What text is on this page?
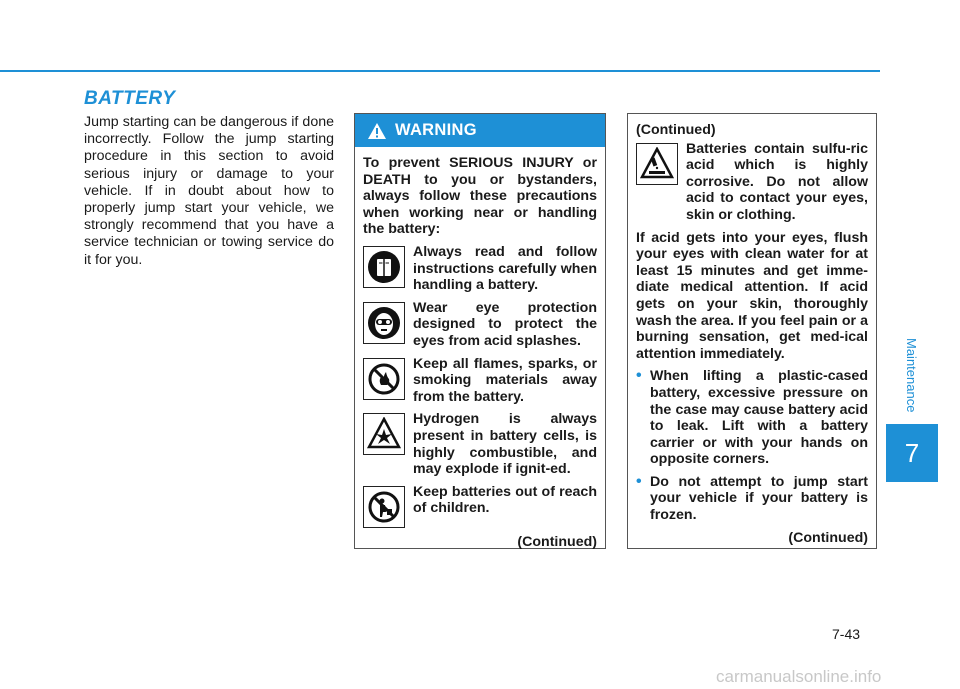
BATTERY

Jump starting can be dangerous if done incorrectly. Follow the jump starting procedure in this section to avoid serious injury or damage to your vehicle. If in doubt about how to properly jump start your vehicle, we strongly recommend that you have a service technician or towing service do it for you.

WARNING

To prevent SERIOUS INJURY or DEATH to you or bystanders, always follow these precautions when working near or handling the battery:

Always read and follow instructions carefully when handling a battery.
Wear eye protection designed to protect the eyes from acid splashes.
Keep all flames, sparks, or smoking materials away from the battery.
Hydrogen is always present in battery cells, is highly combustible, and may explode if ignit-ed.
Keep batteries out of reach of children.

(Continued)

(Continued)

Batteries contain sulfu-ric acid which is highly corrosive. Do not allow acid to contact your eyes, skin or clothing.

If acid gets into your eyes, flush your eyes with clean water for at least 15 minutes and get imme-diate medical attention. If acid gets on your skin, thoroughly wash the area. If you feel pain or a burning sensation, get med-ical attention immediately.

• When lifting a plastic-cased battery, excessive pressure on the case may cause battery acid to leak. Lift with a battery carrier or with your hands on opposite corners.
• Do not attempt to jump start your vehicle if your battery is frozen.

(Continued)

Maintenance
7
7-43
carmanualsonline.info
